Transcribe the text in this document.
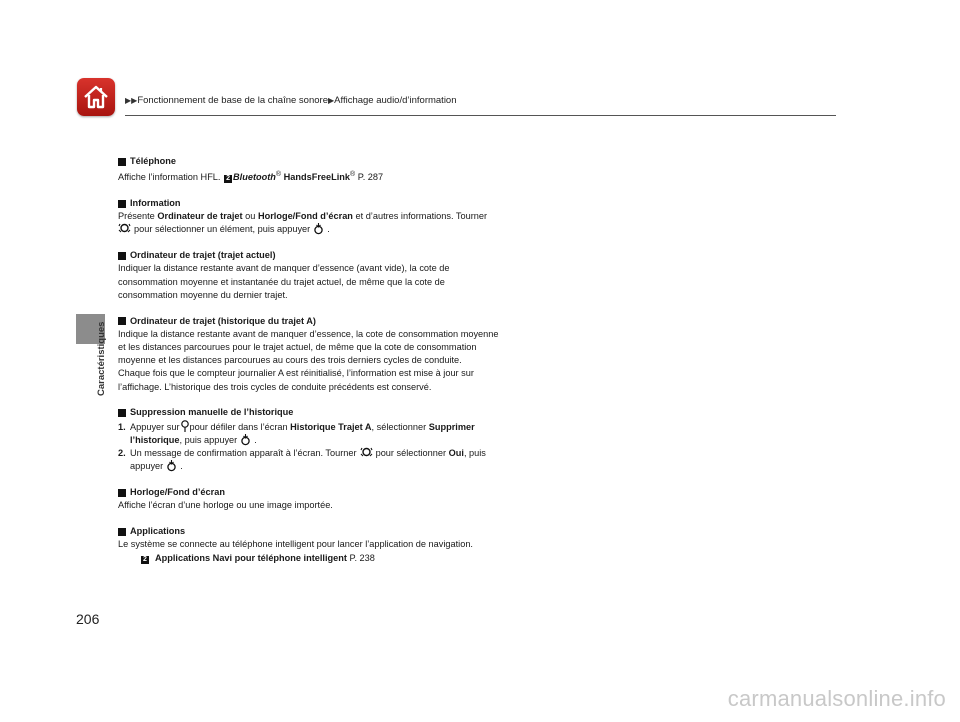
▶▶Fonctionnement de base de la chaîne sonore▶Affichage audio/d’information
Caractéristiques
Téléphone

Affiche l’information HFL. 2 Bluetooth® HandsFreeLink® P. 287

Information

Présente Ordinateur de trajet ou Horloge/Fond d’écran et d’autres informations. Tourner

pour sélectionner un élément, puis appuyer .

Ordinateur de trajet (trajet actuel)

Indiquer la distance restante avant de manquer d’essence (avant vide), la cote de

consommation moyenne et instantanée du trajet actuel, de même que la cote de

consommation moyenne du dernier trajet.

Ordinateur de trajet (historique du trajet A)

Indique la distance restante avant de manquer d’essence, la cote de consommation moyenne

et les distances parcourues pour le trajet actuel, de même que la cote de consommation

moyenne et les distances parcourues au cours des trois derniers cycles de conduite.

Chaque fois que le compteur journalier A est réinitialisé, l’information est mise à jour sur

l’affichage. L’historique des trois cycles de conduite précédents est conservé.

Suppression manuelle de l’historique

1. Appuyer sur pour défiler dans l’écran Historique Trajet A, sélectionner Supprimer

l’historique, puis appuyer .

2. Un message de confirmation apparaît à l’écran. Tourner pour sélectionner Oui, puis

appuyer .

Horloge/Fond d’écran

Affiche l’écran d’une horloge ou une image importée.

Applications

Le système se connecte au téléphone intelligent pour lancer l’application de navigation.

2 Applications Navi pour téléphone intelligent P. 238

206
carmanualsonline.info
